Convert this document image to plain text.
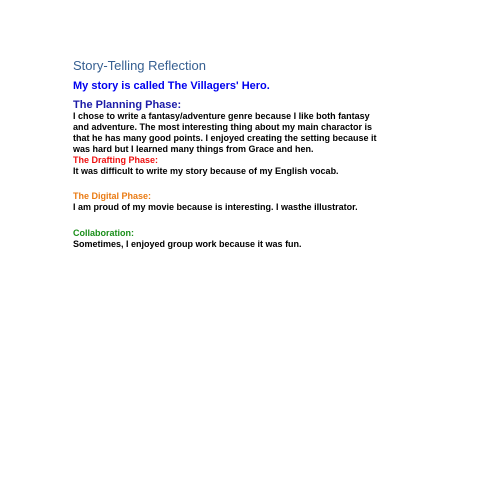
Story-Telling Reflection
My story is called The Villagers' Hero.
The Planning Phase:
I chose to write a fantasy/adventure genre because I like both fantasy
and adventure. The most interesting thing about my main charactor is
that he has many good points. I enjoyed creating the setting because it
was hard but I learned many things from Grace and hen.
The Drafting Phase:
It was difficult to write my story because of my English vocab.
The Digital Phase:
I am proud of my movie because is interesting. I wasthe illustrator.
Collaboration:
Sometimes, I enjoyed group work because it was fun.
